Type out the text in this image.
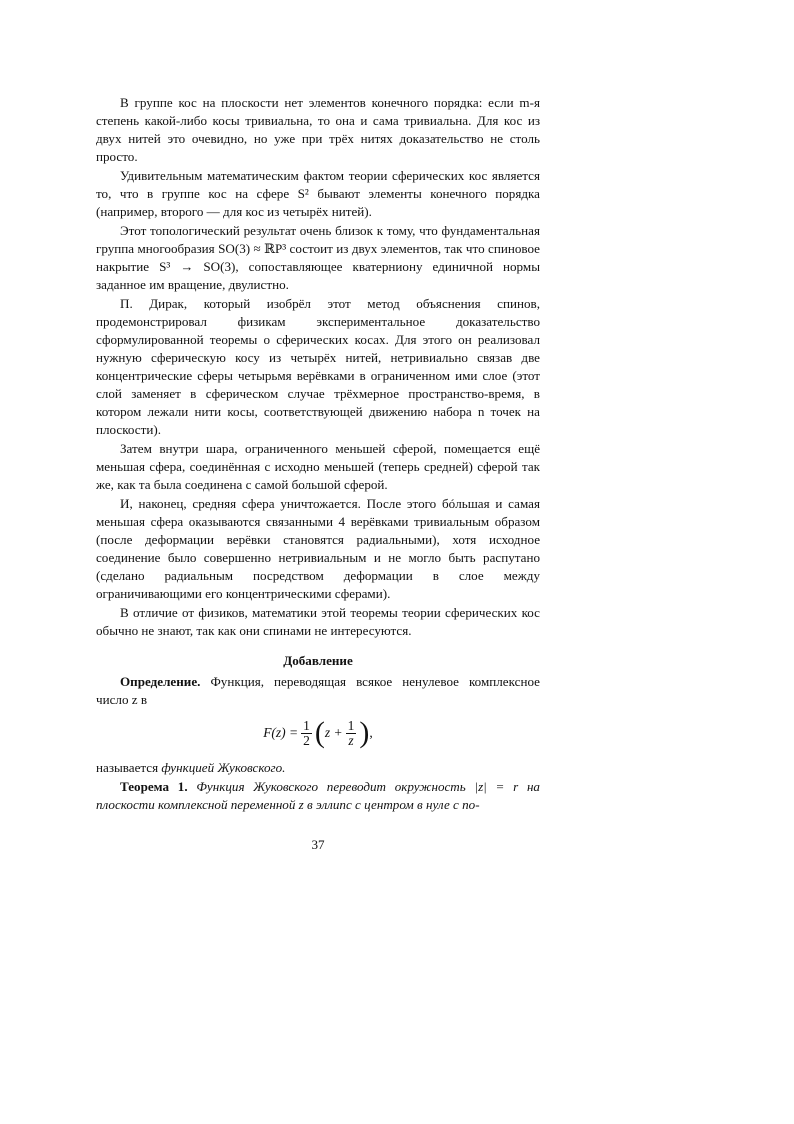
В группе кос на плоскости нет элементов конечного порядка: если m-я степень какой-либо косы тривиальна, то она и сама тривиальна. Для кос из двух нитей это очевидно, но уже при трёх нитях доказательство не столь просто.

Удивительным математическим фактом теории сферических кос является то, что в группе кос на сфере S² бывают элементы конечного порядка (например, второго — для кос из четырёх нитей).

Этот топологический результат очень близок к тому, что фундаментальная группа многообразия SO(3) ≈ ℝP³ состоит из двух элементов, так что спиновое накрытие S³ → SO(3), сопоставляющее кватерниону единичной нормы заданное им вращение, двулистно.

П. Дирак, который изобрёл этот метод объяснения спинов, продемонстрировал физикам экспериментальное доказательство сформулированной теоремы о сферических косах. Для этого он реализовал нужную сферическую косу из четырёх нитей, нетривиально связав две концентрические сферы четырьмя верёвками в ограниченном ими слое (этот слой заменяет в сферическом случае трёхмерное пространство-время, в котором лежали нити косы, соответствующей движению набора n точек на плоскости).

Затем внутри шара, ограниченного меньшей сферой, помещается ещё меньшая сфера, соединённая с исходно меньшей (теперь средней) сферой так же, как та была соединена с самой большой сферой.

И, наконец, средняя сфера уничтожается. После этого бóльшая и самая меньшая сфера оказываются связанными 4 верёвками тривиальным образом (после деформации верёвки становятся радиальными), хотя исходное соединение было совершенно нетривиальным и не могло быть распутано (сделано радиальным посредством деформации в слое между ограничивающими его концентрическими сферами).

В отличие от физиков, математики этой теоремы теории сферических кос обычно не знают, так как они спинами не интересуются.

Добавление

Определение. Функция, переводящая всякое ненулевое комплексное число z в

$F(z) = \frac{1}{2}$ ( $z + \frac{1}{z}$ ) ,

называется функцией Жуковского.

Теорема 1. Функция Жуковского переводит окружность |z| = r на плоскости комплексной переменной z в эллипс с центром в нуле с по-

37
